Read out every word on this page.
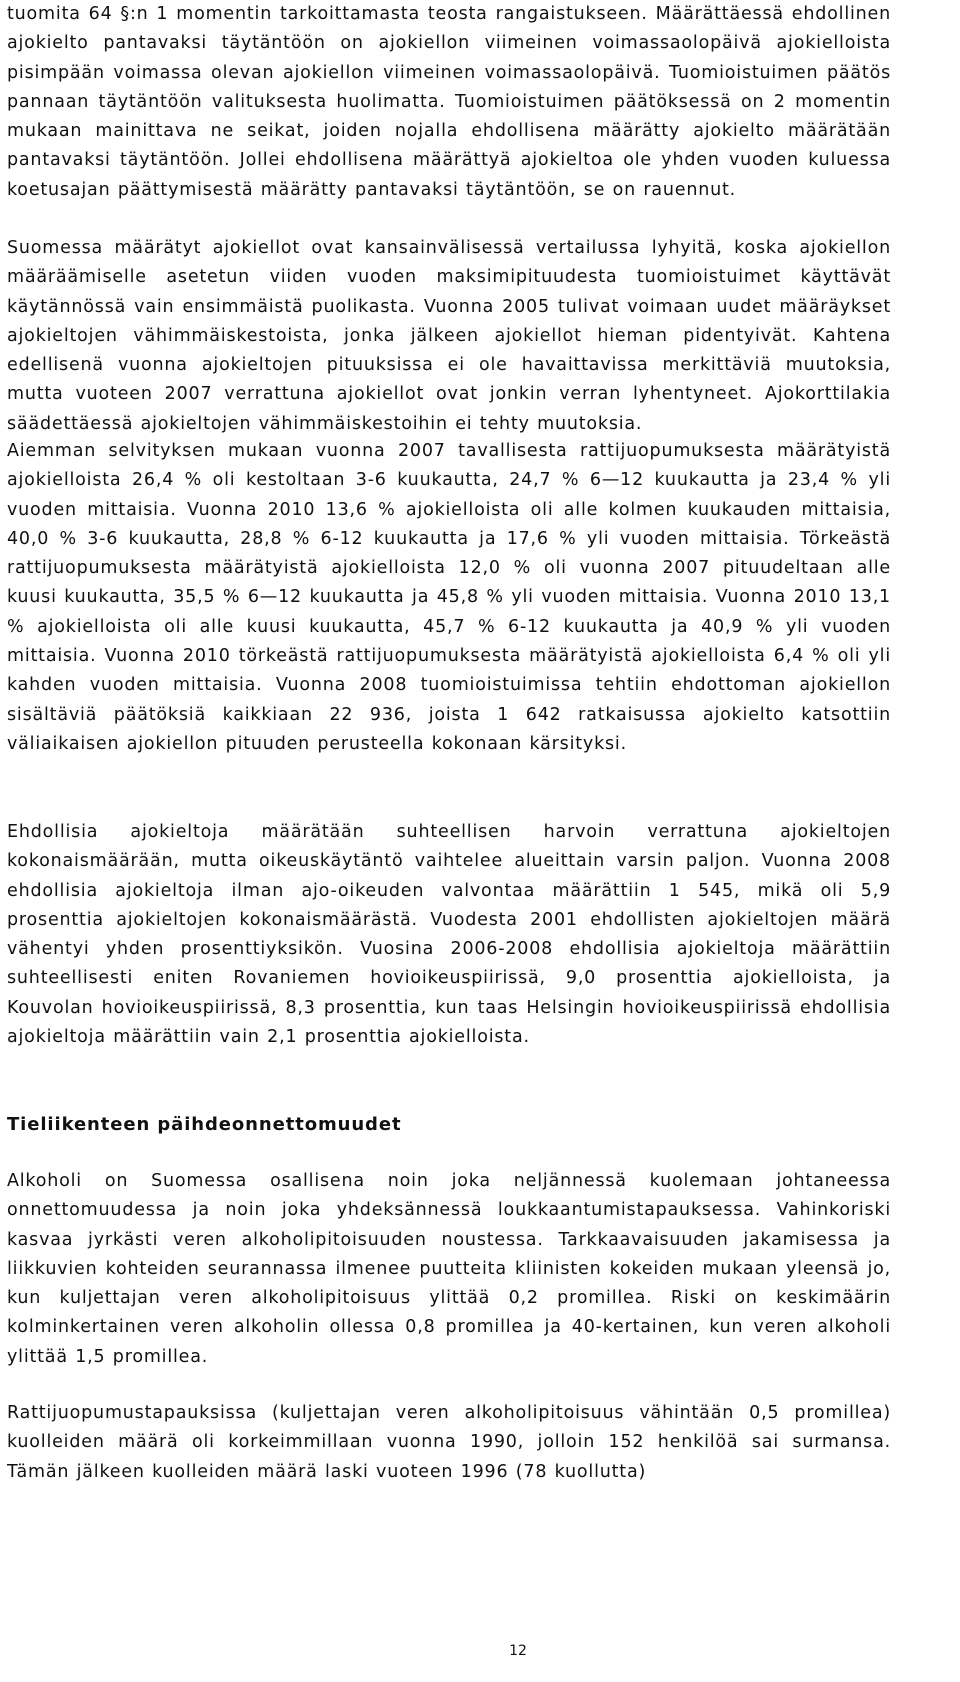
tuomita 64 §:n 1 momentin tarkoittamasta teosta rangaistukseen. Määrättäessä ehdollinen ajokielto pantavaksi täytäntöön on ajokiellon viimeinen voimassaolopäivä ajokielloista pisimpään voimassa olevan ajokiellon viimeinen voimassaolopäivä. Tuomioistuimen päätös pannaan täytäntöön valituksesta huolimatta. Tuomioistuimen päätöksessä on 2 momentin mukaan mainittava ne seikat, joiden nojalla ehdollisena määrätty ajokielto määrätään pantavaksi täytäntöön. Jollei ehdollisena määrättyä ajokieltoa ole yhden vuoden kuluessa koetusajan päättymisestä määrätty pantavaksi täytäntöön, se on rauennut.

Suomessa määrätyt ajokiellot ovat kansainvälisessä vertailussa lyhyitä, koska ajokiellon määräämiselle asetetun viiden vuoden maksimipituudesta tuomioistuimet käyttävät käytännössä vain ensimmäistä puolikasta. Vuonna 2005 tulivat voimaan uudet määräykset ajokieltojen vähimmäiskestoista, jonka jälkeen ajokiellot hieman pidentyivät. Kahtena edellisenä vuonna ajokieltojen pituuksissa ei ole havaittavissa merkittäviä muutoksia, mutta vuoteen 2007 verrattuna ajokiellot ovat jonkin verran lyhentyneet. Ajokorttilakia säädettäessä ajokieltojen vähimmäiskestoihin ei tehty muutoksia.

Aiemman selvityksen mukaan vuonna 2007 tavallisesta rattijuopumuksesta määrätyistä ajokielloista 26,4 % oli kestoltaan 3-6 kuukautta, 24,7 % 6—12 kuukautta ja 23,4 % yli vuoden mittaisia. Vuonna 2010 13,6 % ajokielloista oli alle kolmen kuukauden mittaisia, 40,0 % 3-6 kuukautta, 28,8 % 6-12 kuukautta ja 17,6 % yli vuoden mittaisia. Törkeästä rattijuopumuksesta määrätyistä ajokielloista 12,0 % oli vuonna 2007 pituudeltaan alle kuusi kuukautta, 35,5 % 6—12 kuukautta ja 45,8 % yli vuoden mittaisia. Vuonna 2010 13,1 % ajokielloista oli alle kuusi kuukautta, 45,7 % 6-12 kuukautta ja 40,9 % yli vuoden mittaisia. Vuonna 2010 törkeästä rattijuopumuksesta määrätyistä ajokielloista 6,4 % oli yli kahden vuoden mittaisia. Vuonna 2008 tuomioistuimissa tehtiin ehdottoman ajokiellon sisältäviä päätöksiä kaikkiaan 22 936, joista 1 642 ratkaisussa ajokielto katsottiin väliaikaisen ajokiellon pituuden perusteella kokonaan kärsityksi.

Ehdollisia ajokieltoja määrätään suhteellisen harvoin verrattuna ajokieltojen kokonaismäärään, mutta oikeuskäytäntö vaihtelee alueittain varsin paljon. Vuonna 2008 ehdollisia ajokieltoja ilman ajo-oikeuden valvontaa määrättiin 1 545, mikä oli 5,9 prosenttia ajokieltojen kokonaismäärästä. Vuodesta 2001 ehdollisten ajokieltojen määrä vähentyi yhden prosenttiyksikön. Vuosina 2006-2008 ehdollisia ajokieltoja määrättiin suhteellisesti eniten Rovaniemen hovioikeuspiirissä, 9,0 prosenttia ajokielloista, ja Kouvolan hovioikeuspiirissä, 8,3 prosenttia, kun taas Helsingin hovioikeuspiirissä ehdollisia ajokieltoja määrättiin vain 2,1 prosenttia ajokielloista.

Tieliikenteen päihdeonnettomuudet

Alkoholi on Suomessa osallisena noin joka neljännessä kuolemaan johtaneessa onnettomuudessa ja noin joka yhdeksännessä loukkaantumistapauksessa. Vahinkoriski kasvaa jyrkästi veren alkoholipitoisuuden noustessa. Tarkkaavaisuuden jakamisessa ja liikkuvien kohteiden seurannassa ilmenee puutteita kliinisten kokeiden mukaan yleensä jo, kun kuljettajan veren alkoholipitoisuus ylittää 0,2 promillea. Riski on keskimäärin kolminkertainen veren alkoholin ollessa 0,8 promillea ja 40-kertainen, kun veren alkoholi ylittää 1,5 promillea.

Rattijuopumustapauksissa (kuljettajan veren alkoholipitoisuus vähintään 0,5 promillea) kuolleiden määrä oli korkeimmillaan vuonna 1990, jolloin 152 henkilöä sai surmansa. Tämän jälkeen kuolleiden määrä laski vuoteen 1996 (78 kuollutta)

12
